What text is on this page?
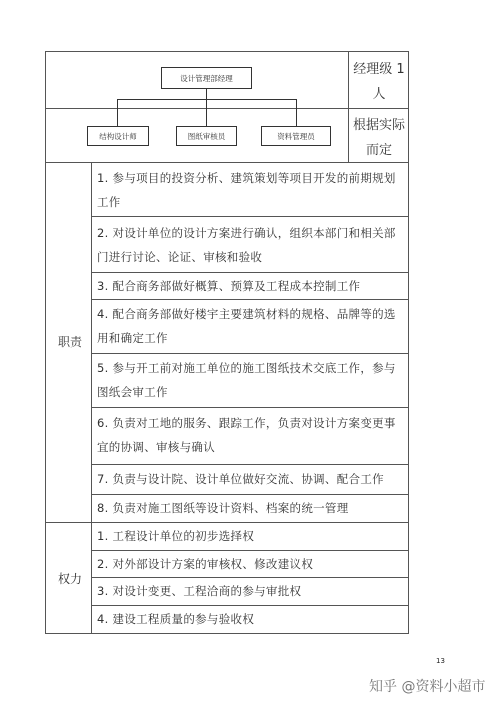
设计管理部经理
结构设计师	图纸审核员	资料管理员
经理级 1 人
根据实际而定
职责
权力
1. 参与项目的投资分析、建筑策划等项目开发的前期规划工作
2. 对设计单位的设计方案进行确认，组织本部门和相关部门进行讨论、论证、审核和验收
3. 配合商务部做好概算、预算及工程成本控制工作
4. 配合商务部做好楼宇主要建筑材料的规格、品牌等的选用和确定工作
5. 参与开工前对施工单位的施工图纸技术交底工作，参与图纸会审工作
6. 负责对工地的服务、跟踪工作，负责对设计方案变更事宜的协调、审核与确认
7. 负责与设计院、设计单位做好交流、协调、配合工作
8. 负责对施工图纸等设计资料、档案的统一管理
1. 工程设计单位的初步选择权
2. 对外部设计方案的审核权、修改建议权
3. 对设计变更、工程洽商的参与审批权
4. 建设工程质量的参与验收权
13
知乎 @资料小超市
